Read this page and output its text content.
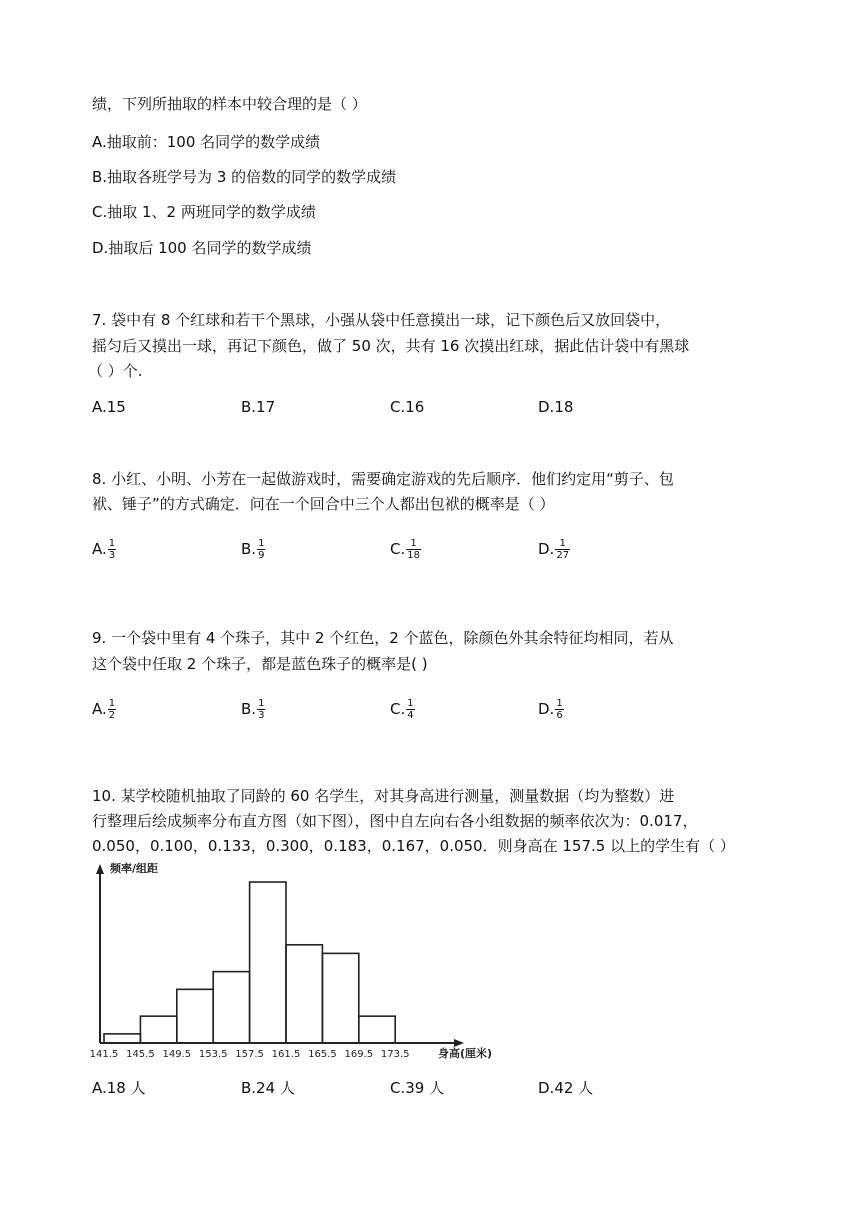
绩，下列所抽取的样本中较合理的是（ ）
A.抽取前：100 名同学的数学成绩
B.抽取各班学号为 3 的倍数的同学的数学成绩
C.抽取 1、2 两班同学的数学成绩
D.抽取后 100 名同学的数学成绩
7. 袋中有 8 个红球和若干个黑球，小强从袋中任意摸出一球，记下颜色后又放回袋中，
摇匀后又摸出一球，再记下颜色，做了 50 次，共有 16 次摸出红球，据此估计袋中有黑球
（ ）个.
A.15	B.17	C.16	D.18
8. 小红、小明、小芳在一起做游戏时，需要确定游戏的先后顺序．他们约定用“剪子、包
袱、锤子”的方式确定．问在一个回合中三个人都出包袱的概率是（ ）
A. $\frac{1}{3}$	B. $\frac{1}{9}$	C. $\frac{1}{18}$	D. $\frac{1}{27}$
9. 一个袋中里有 4 个珠子，其中 2 个红色，2 个蓝色，除颜色外其余特征均相同，若从
这个袋中任取 2 个珠子，都是蓝色珠子的概率是( )
A. $\frac{1}{2}$	B. $\frac{1}{3}$	C. $\frac{1}{4}$	D. $\frac{1}{6}$
10. 某学校随机抽取了同龄的 60 名学生，对其身高进行测量，测量数据（均为整数）进
行整理后绘成频率分布直方图（如下图），图中自左向右各小组数据的频率依次为：0.017，
0.050，0.100，0.133，0.300，0.183，0.167，0.050．则身高在 157.5 以上的学生有（ ）
141.5 145.5 149.5 153.5 157.5 161.5 165.5 169.5 173.5
频率/组距
身高(厘米)
A.18 人	B.24 人	C.39 人	D.42 人
